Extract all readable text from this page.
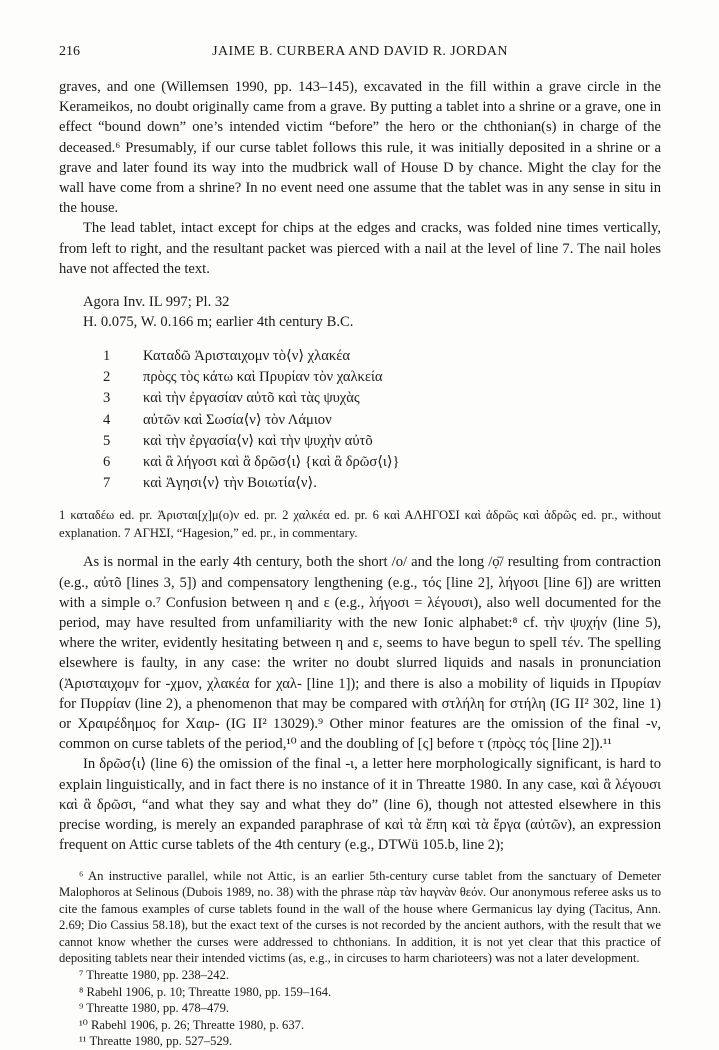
216	JAIME B. CURBERA AND DAVID R. JORDAN

graves, and one (Willemsen 1990, pp. 143–145), excavated in the fill within a grave circle in the Kerameikos, no doubt originally came from a grave. By putting a tablet into a shrine or a grave, one in effect “bound down” one’s intended victim “before” the hero or the chthonian(s) in charge of the deceased.⁶ Presumably, if our curse tablet follows this rule, it was initially deposited in a shrine or a grave and later found its way into the mudbrick wall of House D by chance. Might the clay for the wall have come from a shrine? In no event need one assume that the tablet was in any sense in situ in the house.

The lead tablet, intact except for chips at the edges and cracks, was folded nine times vertically, from left to right, and the resultant packet was pierced with a nail at the level of line 7. The nail holes have not affected the text.

Agora Inv. IL 997; Pl. 32
H. 0.075, W. 0.166 m; earlier 4th century B.C.
1	Καταδῶ Ἀρισταιχομν τὸ⟨ν⟩ χλακέα
2	πρὸςς τὸς κάτω καὶ Πρυρίαν τὸν χαλκεία
3	καὶ τὴν ἐργασίαν αὐτõ καὶ τὰς ψυχὰς
4	αὐτῶν καὶ Σωσία⟨ν⟩ τὸν Λάμιον
5	καὶ τὴν ἐργασία⟨ν⟩ καὶ τὴν ψυχὴν αὐτõ
6	καὶ ἃ λήγοσι καὶ ἃ δρῶσ⟨ι⟩ {καὶ ἃ δρῶσ⟨ι⟩}
7	καὶ Ἁγησι⟨ν⟩ τὴν Βοιωτία⟨ν⟩.

1 καταδέω ed. pr. Ἀρισται[χ]μ(ο)ν ed. pr. 2 χαλκέα ed. pr. 6 καὶ ΑΛΗΓΟΣΙ καὶ ἀδρῶς καὶ ἀδρῶς ed. pr., without explanation. 7 ΑΓΗΣΙ, “Hagesion,” ed. pr., in commentary.

As is normal in the early 4th century, both the short /o/ and the long /ọ̄/ resulting from contraction (e.g., αὐτõ [lines 3, 5]) and compensatory lengthening (e.g., τός [line 2], λήγοσι [line 6]) are written with a simple ο.⁷ Confusion between η and ε (e.g., λήγοσι = λέγουσι), also well documented for the period, may have resulted from unfamiliarity with the new Ionic alphabet:⁸ cf. τὴν ψυχήν (line 5), where the writer, evidently hesitating between η and ε, seems to have begun to spell τέν. The spelling elsewhere is faulty, in any case: the writer no doubt slurred liquids and nasals in pronunciation (Ἀρισταιχομν for -χμον, χλακέα for χαλ- [line 1]); and there is also a mobility of liquids in Πρυρίαν for Πυρρίαν (line 2), a phenomenon that may be compared with στλήλη for στήλη (IG II² 302, line 1) or Χραιρέδημος for Χαιρ- (IG II² 13029).⁹ Other minor features are the omission of the final -ν, common on curse tablets of the period,¹⁰ and the doubling of [ς] before τ (πρὸςς τός [line 2]).¹¹

In δρῶσ⟨ι⟩ (line 6) the omission of the final -ι, a letter here morphologically significant, is hard to explain linguistically, and in fact there is no instance of it in Threatte 1980. In any case, καὶ ἃ λέγουσι καὶ ἃ δρῶσι, “and what they say and what they do” (line 6), though not attested elsewhere in this precise wording, is merely an expanded paraphrase of καὶ τὰ ἔπη καὶ τὰ ἔργα (αὐτῶν), an expression frequent on Attic curse tablets of the 4th century (e.g., DTWü 105.b, line 2);

⁶ An instructive parallel, while not Attic, is an earlier 5th-century curse tablet from the sanctuary of Demeter Malophoros at Selinous (Dubois 1989, no. 38) with the phrase πὰρ τὰν hαγνὰν θεόν. Our anonymous referee asks us to cite the famous examples of curse tablets found in the wall of the house where Germanicus lay dying (Tacitus, Ann. 2.69; Dio Cassius 58.18), but the exact text of the curses is not recorded by the ancient authors, with the result that we cannot know whether the curses were addressed to chthonians. In addition, it is not yet clear that this practice of depositing tablets near their intended victims (as, e.g., in circuses to harm charioteers) was not a later development.
⁷ Threatte 1980, pp. 238–242.
⁸ Rabehl 1906, p. 10; Threatte 1980, pp. 159–164.
⁹ Threatte 1980, pp. 478–479.
¹⁰ Rabehl 1906, p. 26; Threatte 1980, p. 637.
¹¹ Threatte 1980, pp. 527–529.
